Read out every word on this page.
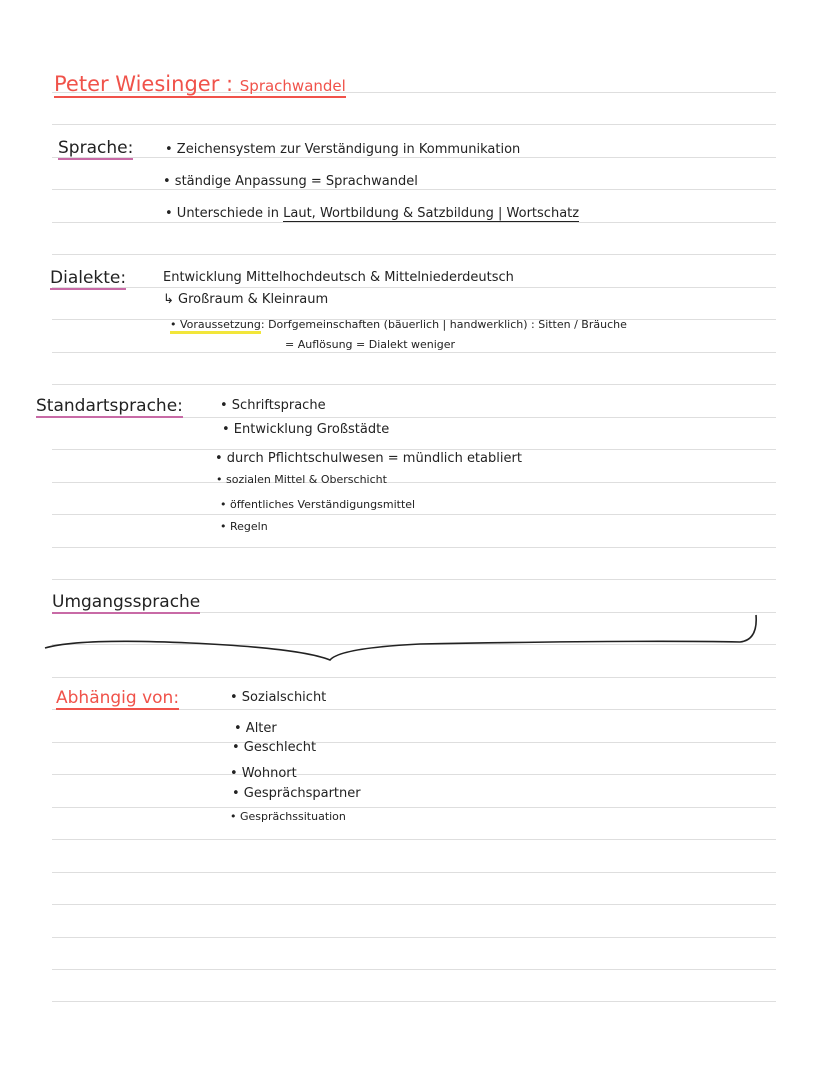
Peter Wiesinger : Sprachwandel
Sprache: • Zeichensystem zur Verständigung in Kommunikation
• ständige Anpassung = Sprachwandel
• Unterschiede in Laut, Wortbildung & Satzbildung | Wortschatz
Dialekte:	Entwicklung Mittelhochdeutsch & Mittelniederdeutsch
↳ Großraum & Kleinraum
• Voraussetzung: Dorfgemeinschaften (bäuerlich | handwerklich) : Sitten / Bräuche
= Auflösung = Dialekt weniger
Standartsprache:	• Schriftsprache
• Entwicklung Großstädte
• durch Pflichtschulwesen = mündlich etabliert
• sozialen Mittel & Oberschicht
• öffentliches Verständigungsmittel
• Regeln
Umgangssprache
Abhängig von:	• Sozialschicht
• Alter
• Geschlecht
• Wohnort
• Gesprächspartner
• Gesprächssituation
